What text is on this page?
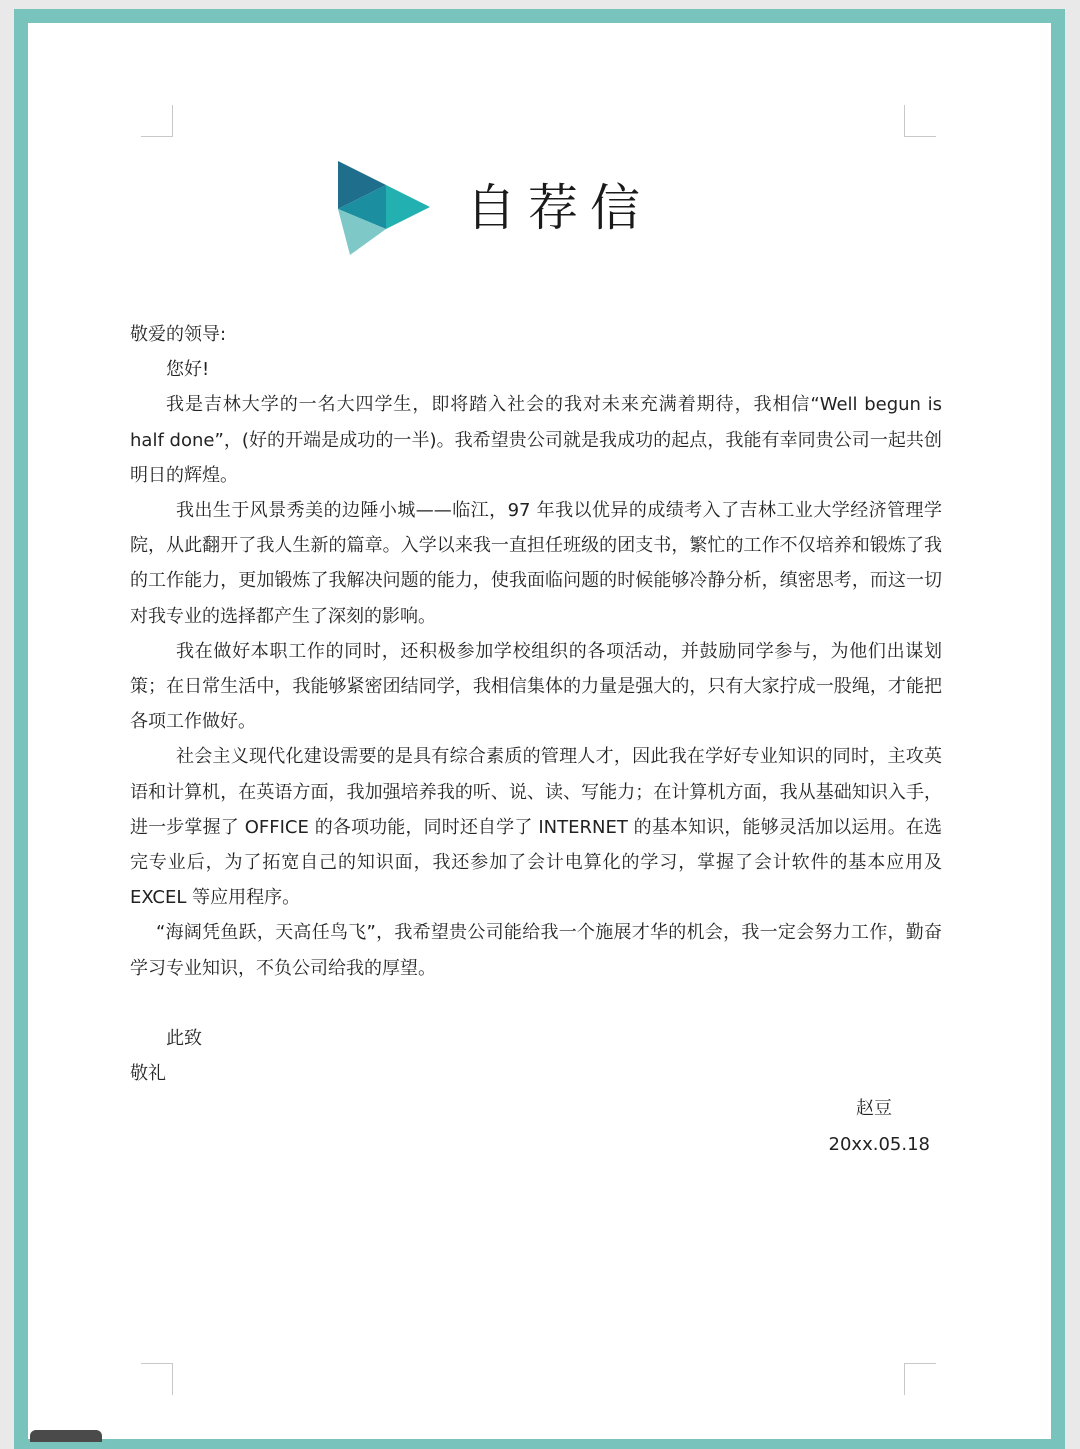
自荐信

敬爱的领导:

您好!

我是吉林大学的一名大四学生，即将踏入社会的我对未来充满着期待，我相信“Well begun is half done”，(好的开端是成功的一半)。我希望贵公司就是我成功的起点，我能有幸同贵公司一起共创明日的辉煌。

我出生于风景秀美的边陲小城——临江，97 年我以优异的成绩考入了吉林工业大学经济管理学院，从此翻开了我人生新的篇章。入学以来我一直担任班级的团支书，繁忙的工作不仅培养和锻炼了我的工作能力，更加锻炼了我解决问题的能力，使我面临问题的时候能够冷静分析，缜密思考，而这一切对我专业的选择都产生了深刻的影响。

我在做好本职工作的同时，还积极参加学校组织的各项活动，并鼓励同学参与，为他们出谋划策；在日常生活中，我能够紧密团结同学，我相信集体的力量是强大的，只有大家拧成一股绳，才能把各项工作做好。

社会主义现代化建设需要的是具有综合素质的管理人才，因此我在学好专业知识的同时，主攻英语和计算机，在英语方面，我加强培养我的听、说、读、写能力；在计算机方面，我从基础知识入手，进一步掌握了 OFFICE 的各项功能，同时还自学了 INTERNET 的基本知识，能够灵活加以运用。在选完专业后，为了拓宽自己的知识面，我还参加了会计电算化的学习，掌握了会计软件的基本应用及 EXCEL 等应用程序。

“海阔凭鱼跃，天高任鸟飞”，我希望贵公司能给我一个施展才华的机会，我一定会努力工作，勤奋学习专业知识，不负公司给我的厚望。

此致

敬礼

赵豆

20xx.05.18
